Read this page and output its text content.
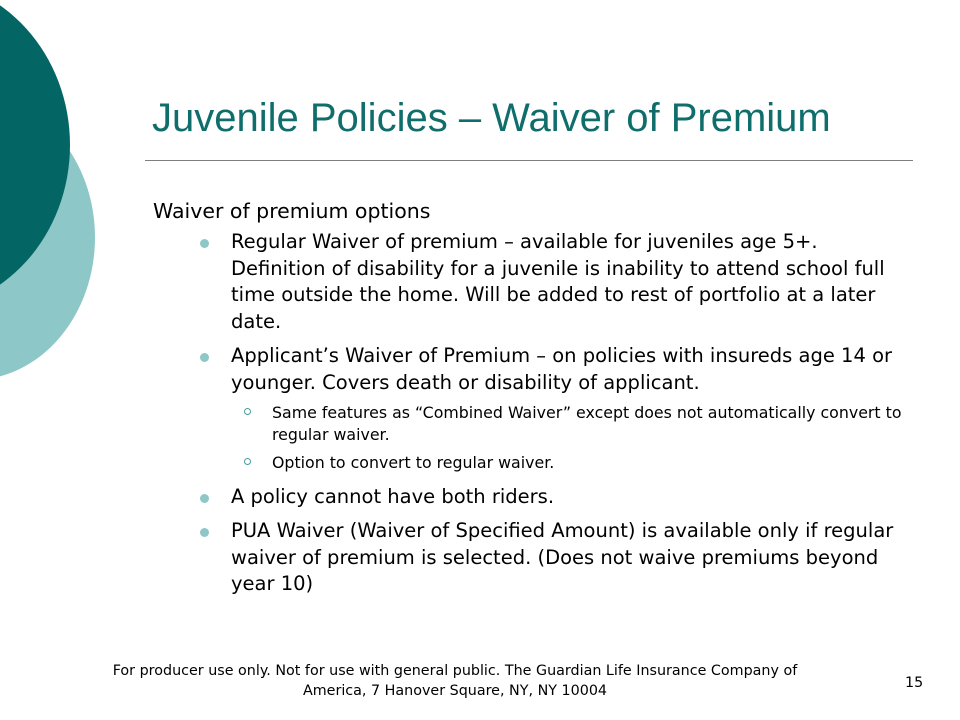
Juvenile Policies – Waiver of Premium
Waiver of premium options
Regular Waiver of premium – available for juveniles age 5+. Definition of disability for a juvenile is inability to attend school full time outside the home. Will be added to rest of portfolio at a later date.
Applicant’s Waiver of Premium – on policies with insureds age 14 or younger. Covers death or disability of applicant.
Same features as “Combined Waiver” except does not automatically convert to regular waiver.
Option to convert to regular waiver.
A policy cannot have both riders.
PUA Waiver (Waiver of Specified Amount) is available only if regular waiver of premium is selected. (Does not waive premiums beyond year 10)
For producer use only. Not for use with general public. The Guardian Life Insurance Company of America, 7 Hanover Square, NY, NY 10004	15
